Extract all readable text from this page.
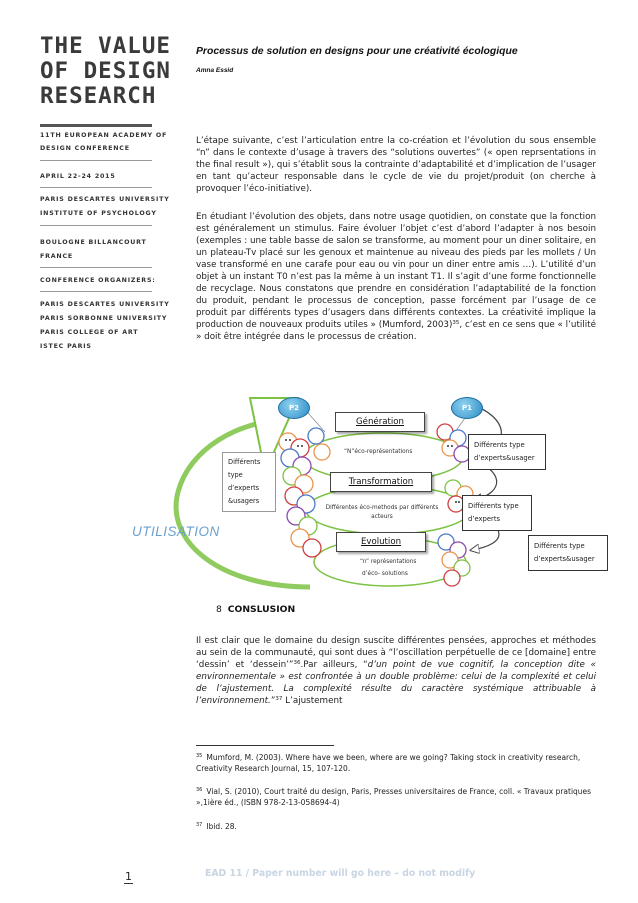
THE VALUE
OF DESIGN
RESEARCH
11TH EUROPEAN ACADEMY OF
DESIGN CONFERENCE
APRIL 22-24 2015
PARIS DESCARTES UNIVERSITY
INSTITUTE OF PSYCHOLOGY
BOULOGNE BILLANCOURT
FRANCE
CONFERENCE ORGANIZERS:
PARIS DESCARTES UNIVERSITY
PARIS SORBONNE UNIVERSITY
PARIS COLLEGE OF ART
ISTEC PARIS
Processus de solution en designs pour une créativité écologique
Amna Essid

L’étape suivante, c’est l’articulation entre la co-création et l’évolution du sous ensemble “n” dans le contexte d’usage à travers des “solutions ouvertes” (« open reprsentations in the final result »), qui s’établit sous la contrainte d’adaptabilité et d’implication de l’usager en tant qu’acteur responsable dans le cycle de vie du projet/produit (on cherche à provoquer l’éco-initiative).

En étudiant l’évolution des objets, dans notre usage quotidien, on constate que la fonction est généralement un stimulus. Faire évoluer l’objet c’est d’abord l’adapter à nos besoin (exemples : une table basse de salon se transforme, au moment pour un diner solitaire, en un plateau-Tv placé sur les genoux et maintenue au niveau des pieds par les mollets / Un vase transformé en une carafe pour eau ou vin pour un diner entre amis …). L’utilité d’un objet à un instant T0 n’est pas la même à un instant T1. Il s’agit d’une forme fonctionnelle de recyclage. Nous constatons que prendre en considération l’adaptabilité de la fonction du produit, pendant le processus de conception, passe forcément par l’usage de ce produit par différents types d’usagers dans différents contextes. La créativité implique la production de nouveaux produits utiles » (Mumford, 2003)$^{35}$, c’est en ce sens que « l’utilité » doit être intégrée dans le processus de création.

P2	P1
Génération
Transformation
Evolution
“N”éco-représentations
Différentes éco-methods par différents acteurs
“n” représentations
d’éco- solutions
Différents
type
d’experts
&usagers
Différents type
d’experts&usager
Différents type
d’experts
Différents type
d’experts&usager
UTILISATION
8 CONSLUSION

Il est clair que le domaine du design suscite différentes pensées, approches et méthodes au sein de la communauté, qui sont dues à “l’oscillation perpétuelle de ce [domaine] entre ‘dessin’ et ‘dessein’”$^{36}$.Par ailleurs, “d’un point de vue cognitif, la conception dite « environnementale » est confrontée à un double problème: celui de la complexité et celui de l’ajustement. La complexité résulte du caractère systémique attribuable à l’environnement.”$^{37}$ L’ajustement

$^{35}$ Mumford, M. (2003). Where have we been, where are we going? Taking stock in creativity research, Creativity Research Journal, 15, 107-120.
$^{36}$ Vial, S. (2010), Court traité du design, Paris, Presses universitaires de France, coll. « Travaux pratiques »,1ière éd., (ISBN 978-2-13-058694-4)
$^{37}$ Ibid. 28.
1	EAD 11 / Paper number will go here – do not modify
